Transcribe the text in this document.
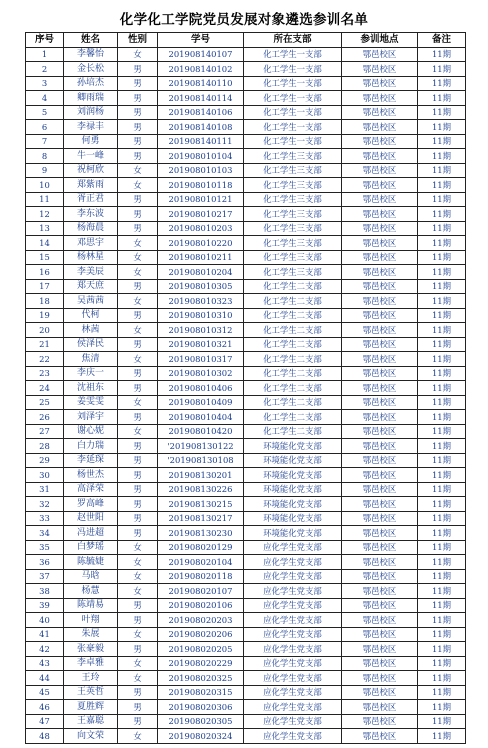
化学化工学院党员发展对象遴选参训名单
序号	姓名	性别	学号	所在支部	参训地点	备注
1	李馨怡	女	201908140107	化工学生一支部	鄂邑校区	11期
2	金长松	男	201908140102	化工学生一支部	鄂邑校区	11期
3	孙培杰	男	201908140110	化工学生一支部	鄂邑校区	11期
4	卿雨瑞	男	201908140114	化工学生一支部	鄂邑校区	11期
5	刘润杨	男	201908140106	化工学生一支部	鄂邑校区	11期
6	李禄丰	男	201908140108	化工学生一支部	鄂邑校区	11期
7	何勇	男	201908140111	化工学生一支部	鄂邑校区	11期
8	牛一峰	男	201908010104	化工学生三支部	鄂邑校区	11期
9	祝柯欣	女	201908010103	化工学生三支部	鄂邑校区	11期
10	郑紫雨	女	201908010118	化工学生三支部	鄂邑校区	11期
11	胥正君	男	201908010121	化工学生三支部	鄂邑校区	11期
12	李东波	男	201908010217	化工学生三支部	鄂邑校区	11期
13	杨海晨	男	201908010203	化工学生三支部	鄂邑校区	11期
14	邓思宇	女	201908010220	化工学生三支部	鄂邑校区	11期
15	杨林星	女	201908010211	化工学生三支部	鄂邑校区	11期
16	李美辰	女	201908010204	化工学生三支部	鄂邑校区	11期
17	郑天庶	男	201908010305	化工学生二支部	鄂邑校区	11期
18	吴茜茜	女	201908010323	化工学生二支部	鄂邑校区	11期
19	代柯	男	201908010310	化工学生二支部	鄂邑校区	11期
20	林茜	女	201908010312	化工学生二支部	鄂邑校区	11期
21	侯泽民	男	201908010321	化工学生二支部	鄂邑校区	11期
22	焦清	女	201908010317	化工学生二支部	鄂邑校区	11期
23	李庆一	男	201908010302	化工学生二支部	鄂邑校区	11期
24	沈祖东	男	201908010406	化工学生二支部	鄂邑校区	11期
25	姜雯雯	女	201908010409	化工学生二支部	鄂邑校区	11期
26	刘泽宇	男	201908010404	化工学生二支部	鄂邑校区	11期
27	谢心妮	女	201908010420	化工学生二支部	鄂邑校区	11期
28	白力瑞	男	'201908130122	环境能化党支部	鄂邑校区	11期
29	李延琛	男	'201908130108	环境能化党支部	鄂邑校区	11期
30	杨世杰	男	201908130201	环境能化党支部	鄂邑校区	11期
31	高泽荣	男	201908130226	环境能化党支部	鄂邑校区	11期
32	罗高峰	男	201908130215	环境能化党支部	鄂邑校区	11期
33	赵世阳	男	201908130217	环境能化党支部	鄂邑校区	11期
34	冯进超	男	201908130230	环境能化党支部	鄂邑校区	11期
35	白梦瑶	女	201908020129	应化学生党支部	鄂邑校区	11期
36	陈毓婕	女	201908020104	应化学生党支部	鄂邑校区	11期
37	马晗	女	201908020118	应化学生党支部	鄂邑校区	11期
38	杨慧	女	201908020107	应化学生党支部	鄂邑校区	11期
39	陈靖易	男	201908020106	应化学生党支部	鄂邑校区	11期
40	叶翔	男	201908020203	应化学生党支部	鄂邑校区	11期
41	朱展	女	201908020206	应化学生党支部	鄂邑校区	11期
42	张豪毅	男	201908020205	应化学生党支部	鄂邑校区	11期
43	李卓雅	女	201908020229	应化学生党支部	鄂邑校区	11期
44	王玲	女	201908020325	应化学生党支部	鄂邑校区	11期
45	王英哲	男	201908020315	应化学生党支部	鄂邑校区	11期
46	夏胜辉	男	201908020306	应化学生党支部	鄂邑校区	11期
47	王嘉聪	男	201908020305	应化学生党支部	鄂邑校区	11期
48	向文荣	女	201908020324	应化学生党支部	鄂邑校区	11期
